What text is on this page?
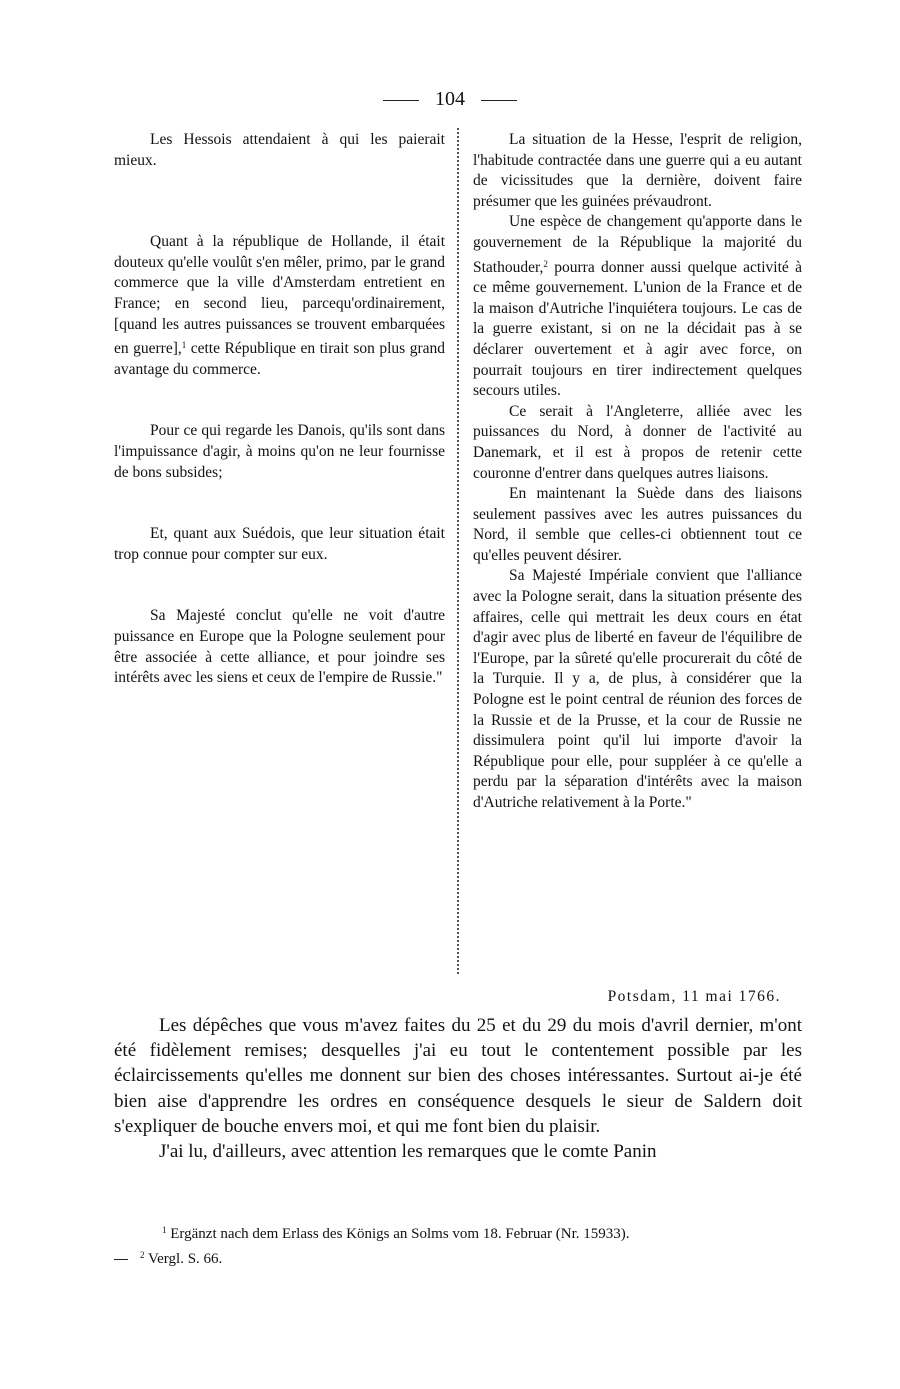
104

Les Hessois attendaient à qui les paierait mieux.

Quant à la république de Hollande, il était douteux qu'elle voulût s'en mêler, primo, par le grand commerce que la ville d'Amsterdam entretient en France; en second lieu, parcequ'ordinairement, [quand les autres puissances se trouvent embarquées en guerre],$^1$ cette République en tirait son plus grand avantage du commerce.

Pour ce qui regarde les Danois, qu'ils sont dans l'impuissance d'agir, à moins qu'on ne leur fournisse de bons subsides;

Et, quant aux Suédois, que leur situation était trop connue pour compter sur eux.

Sa Majesté conclut qu'elle ne voit d'autre puissance en Europe que la Pologne seulement pour être associée à cette alliance, et pour joindre ses intérêts avec les siens et ceux de l'empire de Russie."

La situation de la Hesse, l'esprit de religion, l'habitude contractée dans une guerre qui a eu autant de vicissitudes que la dernière, doivent faire présumer que les guinées prévaudront.

Une espèce de changement qu'apporte dans le gouvernement de la République la majorité du Stathouder,$^2$ pourra donner aussi quelque activité à ce même gouvernement. L'union de la France et de la maison d'Autriche l'inquiétera toujours. Le cas de la guerre existant, si on ne la décidait pas à se déclarer ouvertement et à agir avec force, on pourrait toujours en tirer indirectement quelques secours utiles.

Ce serait à l'Angleterre, alliée avec les puissances du Nord, à donner de l'activité au Danemark, et il est à propos de retenir cette couronne d'entrer dans quelques autres liaisons.

En maintenant la Suède dans des liaisons seulement passives avec les autres puissances du Nord, il semble que celles-ci obtiennent tout ce qu'elles peuvent désirer.

Sa Majesté Impériale convient que l'alliance avec la Pologne serait, dans la situation présente des affaires, celle qui mettrait les deux cours en état d'agir avec plus de liberté en faveur de l'équilibre de l'Europe, par la sûreté qu'elle procurerait du côté de la Turquie. Il y a, de plus, à considérer que la Pologne est le point central de réunion des forces de la Russie et de la Prusse, et la cour de Russie ne dissimulera point qu'il lui importe d'avoir la République pour elle, pour suppléer à ce qu'elle a perdu par la séparation d'intérêts avec la maison d'Autriche relativement à la Porte."

Potsdam, 11 mai 1766.

Les dépêches que vous m'avez faites du 25 et du 29 du mois d'avril dernier, m'ont été fidèlement remises; desquelles j'ai eu tout le contentement possible par les éclaircissements qu'elles me donnent sur bien des choses intéressantes. Surtout ai-je été bien aise d'apprendre les ordres en conséquence desquels le sieur de Saldern doit s'expliquer de bouche envers moi, et qui me font bien du plaisir.

J'ai lu, d'ailleurs, avec attention les remarques que le comte Panin

$^1$ Ergänzt nach dem Erlass des Königs an Solms vom 18. Februar (Nr. 15933).

$^2$ Vergl. S. 66.
